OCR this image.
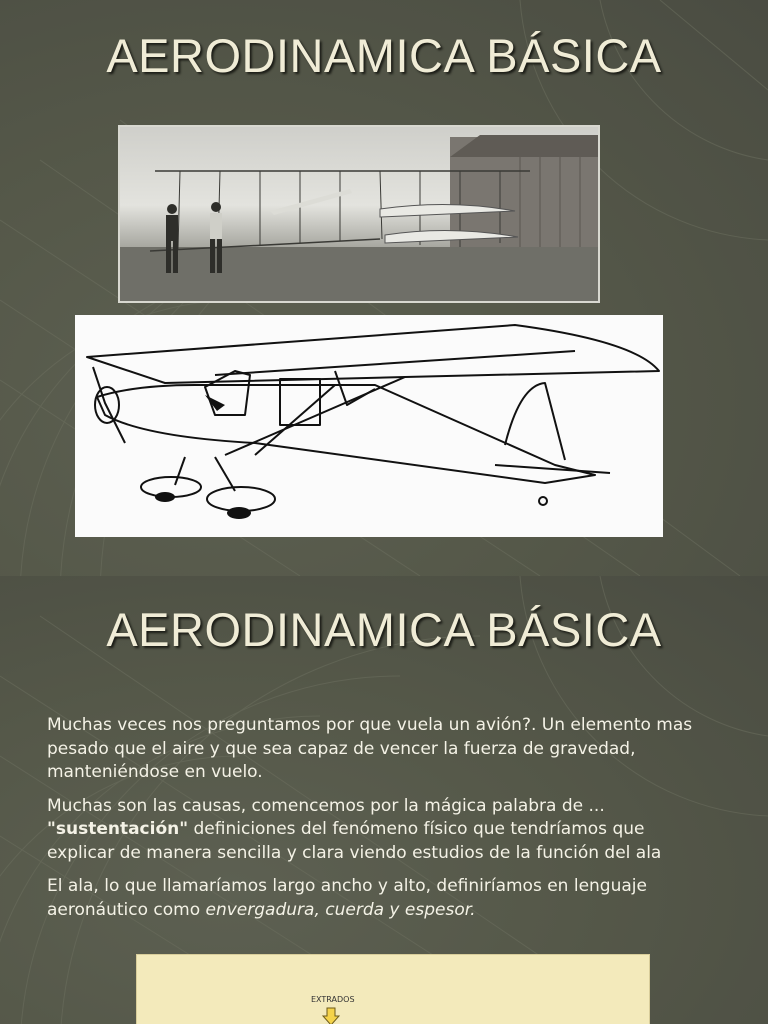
AERODINAMICA BÁSICA
AERODINAMICA BÁSICA

Muchas veces nos preguntamos por que vuela un avión?. Un elemento mas pesado que el aire y que sea capaz de vencer la fuerza de gravedad, manteniéndose en vuelo.

Muchas son las causas, comencemos por la mágica palabra de ...
"sustentación" definiciones del fenómeno físico que tendríamos que explicar de manera sencilla y clara viendo estudios de la función del ala

El ala, lo que llamaríamos largo ancho y alto, definiríamos en lenguaje aeronáutico como envergadura, cuerda y espesor.

EXTRADOS
